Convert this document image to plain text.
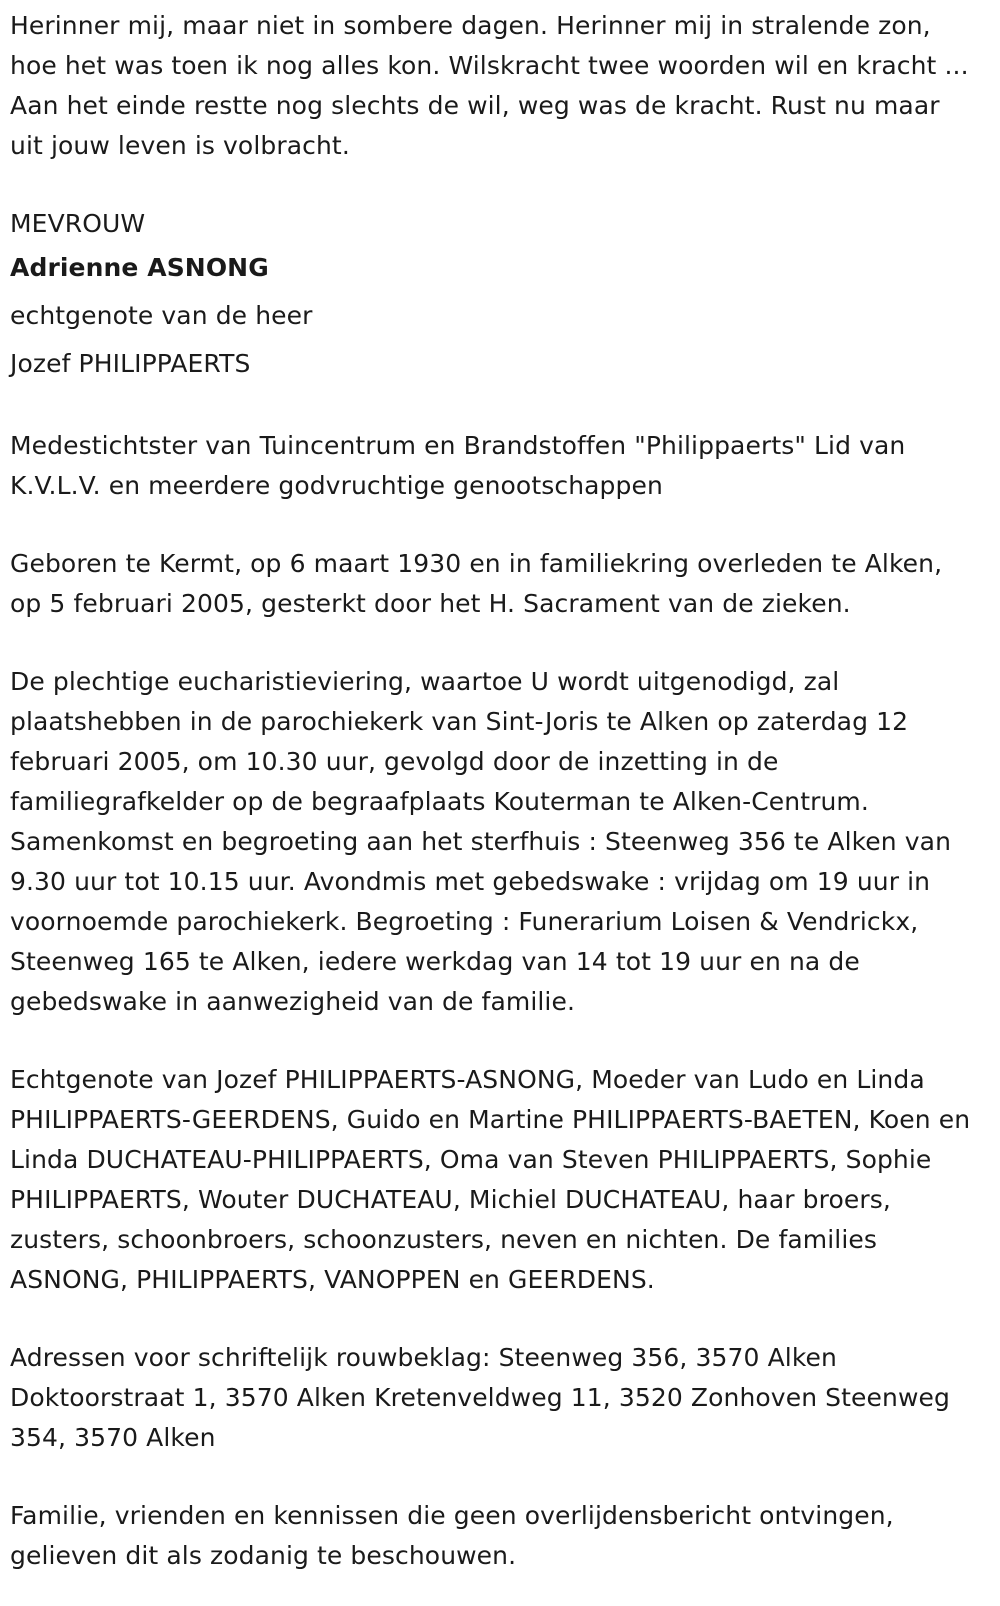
Herinner mij, maar niet in sombere dagen. Herinner mij in stralende zon, hoe het was toen ik nog alles kon. Wilskracht twee woorden wil en kracht ... Aan het einde restte nog slechts de wil, weg was de kracht. Rust nu maar uit jouw leven is volbracht.

MEVROUW

Adrienne ASNONG

echtgenote van de heer

Jozef PHILIPPAERTS

Medestichtster van Tuincentrum en Brandstoffen "Philippaerts" Lid van K.V.L.V. en meerdere godvruchtige genootschappen

Geboren te Kermt, op 6 maart 1930 en in familiekring overleden te Alken, op 5 februari 2005, gesterkt door het H. Sacrament van de zieken.

De plechtige eucharistieviering, waartoe U wordt uitgenodigd, zal plaatshebben in de parochiekerk van Sint-Joris te Alken op zaterdag 12 februari 2005, om 10.30 uur, gevolgd door de inzetting in de familiegrafkelder op de begraafplaats Kouterman te Alken-Centrum. Samenkomst en begroeting aan het sterfhuis : Steenweg 356 te Alken van 9.30 uur tot 10.15 uur. Avondmis met gebedswake : vrijdag om 19 uur in voornoemde parochiekerk. Begroeting : Funerarium Loisen & Vendrickx, Steenweg 165 te Alken, iedere werkdag van 14 tot 19 uur en na de gebedswake in aanwezigheid van de familie.

Echtgenote van Jozef PHILIPPAERTS-ASNONG, Moeder van Ludo en Linda PHILIPPAERTS-GEERDENS, Guido en Martine PHILIPPAERTS-BAETEN, Koen en Linda DUCHATEAU-PHILIPPAERTS, Oma van Steven PHILIPPAERTS, Sophie PHILIPPAERTS, Wouter DUCHATEAU, Michiel DUCHATEAU, haar broers, zusters, schoonbroers, schoonzusters, neven en nichten. De families ASNONG, PHILIPPAERTS, VANOPPEN en GEERDENS.

Adressen voor schriftelijk rouwbeklag: Steenweg 356, 3570 Alken Doktoorstraat 1, 3570 Alken Kretenveldweg 11, 3520 Zonhoven Steenweg 354, 3570 Alken

Familie, vrienden en kennissen die geen overlijdensbericht ontvingen, gelieven dit als zodanig te beschouwen.
